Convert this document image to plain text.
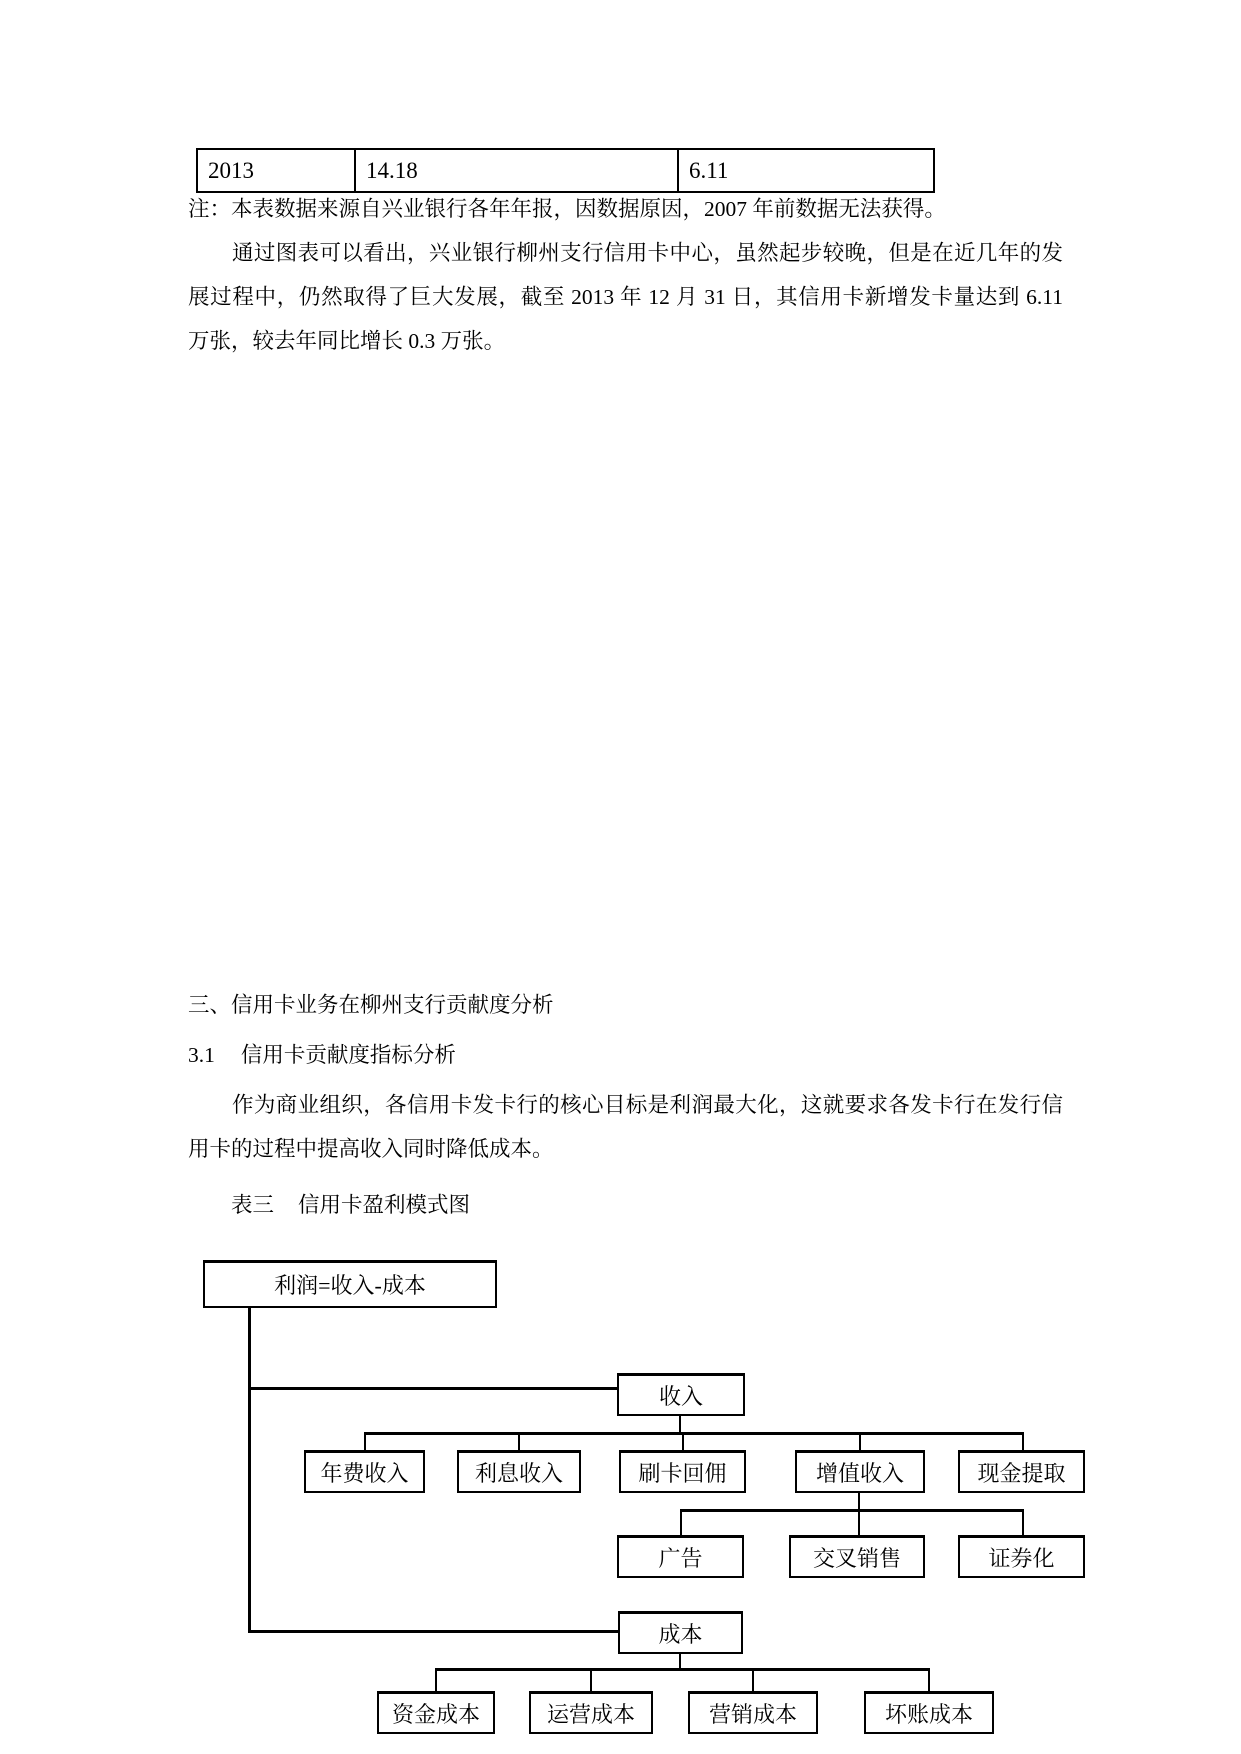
2013	14.18	6.11
注：本表数据来源自兴业银行各年年报，因数据原因，2007 年前数据无法获得。
通过图表可以看出，兴业银行柳州支行信用卡中心，虽然起步较晚，但是在近几年的发
展过程中，仍然取得了巨大发展，截至 2013 年 12 月 31 日，其信用卡新增发卡量达到 6.11
万张，较去年同比增长 0.3 万张。
三、信用卡业务在柳州支行贡献度分析
3.1 信用卡贡献度指标分析
作为商业组织，各信用卡发卡行的核心目标是利润最大化，这就要求各发卡行在发行信
用卡的过程中提高收入同时降低成本。
表三 信用卡盈利模式图
利润=收入-成本
收入
年费收入	利息收入	刷卡回佣	增值收入	现金提取
广告	交叉销售	证券化
成本
资金成本	运营成本	营销成本	坏账成本
